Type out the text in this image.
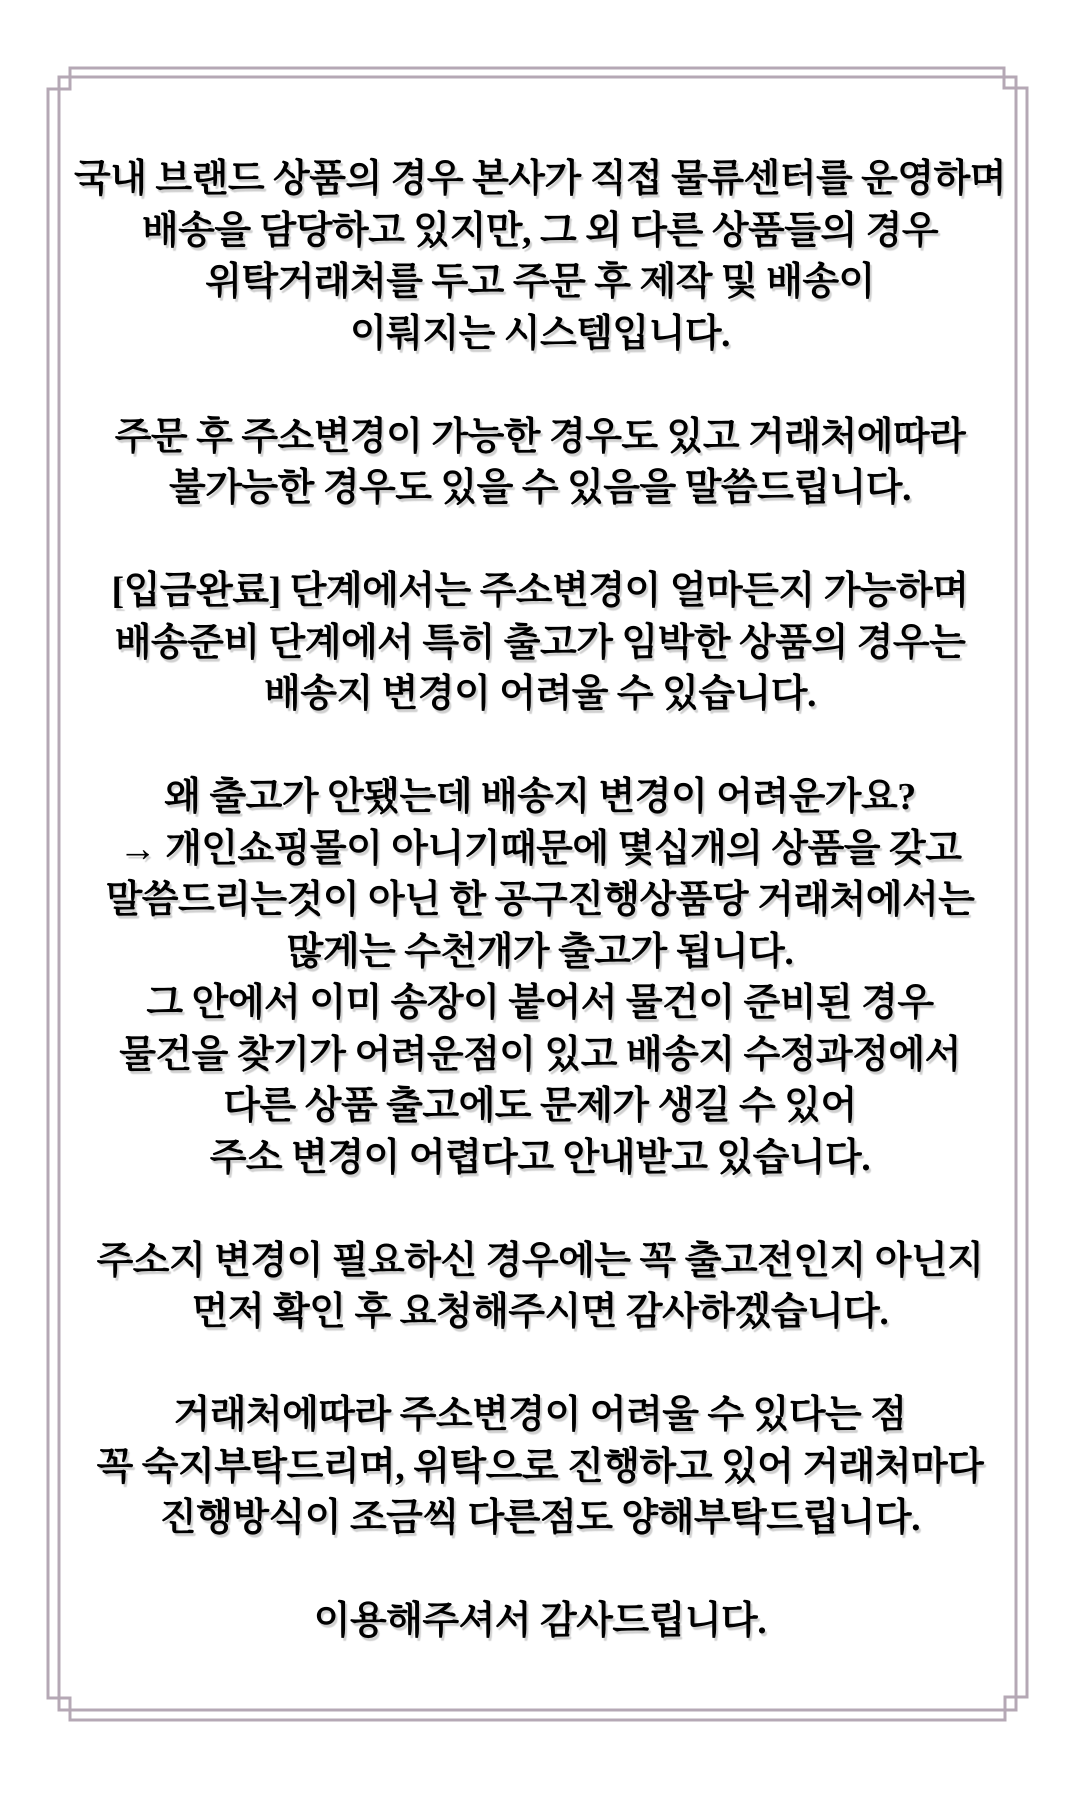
국내 브랜드 상품의 경우 본사가 직접 물류센터를 운영하며
배송을 담당하고 있지만, 그 외 다른 상품들의 경우
위탁거래처를 두고 주문 후 제작 및 배송이
이뤄지는 시스템입니다.
주문 후 주소변경이 가능한 경우도 있고 거래처에따라
불가능한 경우도 있을 수 있음을 말씀드립니다.
[입금완료] 단계에서는 주소변경이 얼마든지 가능하며
배송준비 단계에서 특히 출고가 임박한 상품의 경우는
배송지 변경이 어려울 수 있습니다.
왜 출고가 안됐는데 배송지 변경이 어려운가요?
→ 개인쇼핑몰이 아니기때문에 몇십개의 상품을 갖고
말씀드리는것이 아닌 한 공구진행상품당 거래처에서는
많게는 수천개가 출고가 됩니다.
그 안에서 이미 송장이 붙어서 물건이 준비된 경우
물건을 찾기가 어려운점이 있고 배송지 수정과정에서
다른 상품 출고에도 문제가 생길 수 있어
주소 변경이 어렵다고 안내받고 있습니다.
주소지 변경이 필요하신 경우에는 꼭 출고전인지 아닌지
먼저 확인 후 요청해주시면 감사하겠습니다.
거래처에따라 주소변경이 어려울 수 있다는 점
꼭 숙지부탁드리며, 위탁으로 진행하고 있어 거래처마다
진행방식이 조금씩 다른점도 양해부탁드립니다.
이용해주셔서 감사드립니다.
